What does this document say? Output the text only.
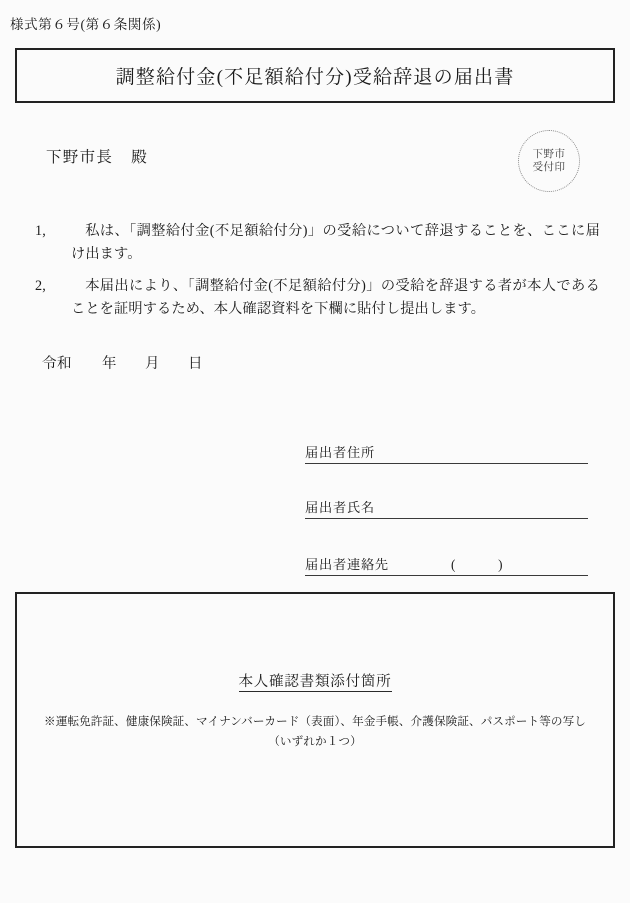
様式第６号(第６条関係)
調整給付金(不足額給付分)受給辞退の届出書
下野市長 殿	下野市
受付印
1,	私は、「調整給付金(不足額給付分)」の受給について辞退することを、ここに届け出ます。
2,	本届出により、「調整給付金(不足額給付分)」の受給を辞退する者が本人であることを証明するため、本人確認資料を下欄に貼付し提出します。
令和 年 月 日
届出者住所
届出者氏名
届出者連絡先	(	)
本人確認書類添付箇所
※運転免許証、健康保険証、マイナンバーカード（表面）、年金手帳、介護保険証、パスポート等の写し
（いずれか１つ）
